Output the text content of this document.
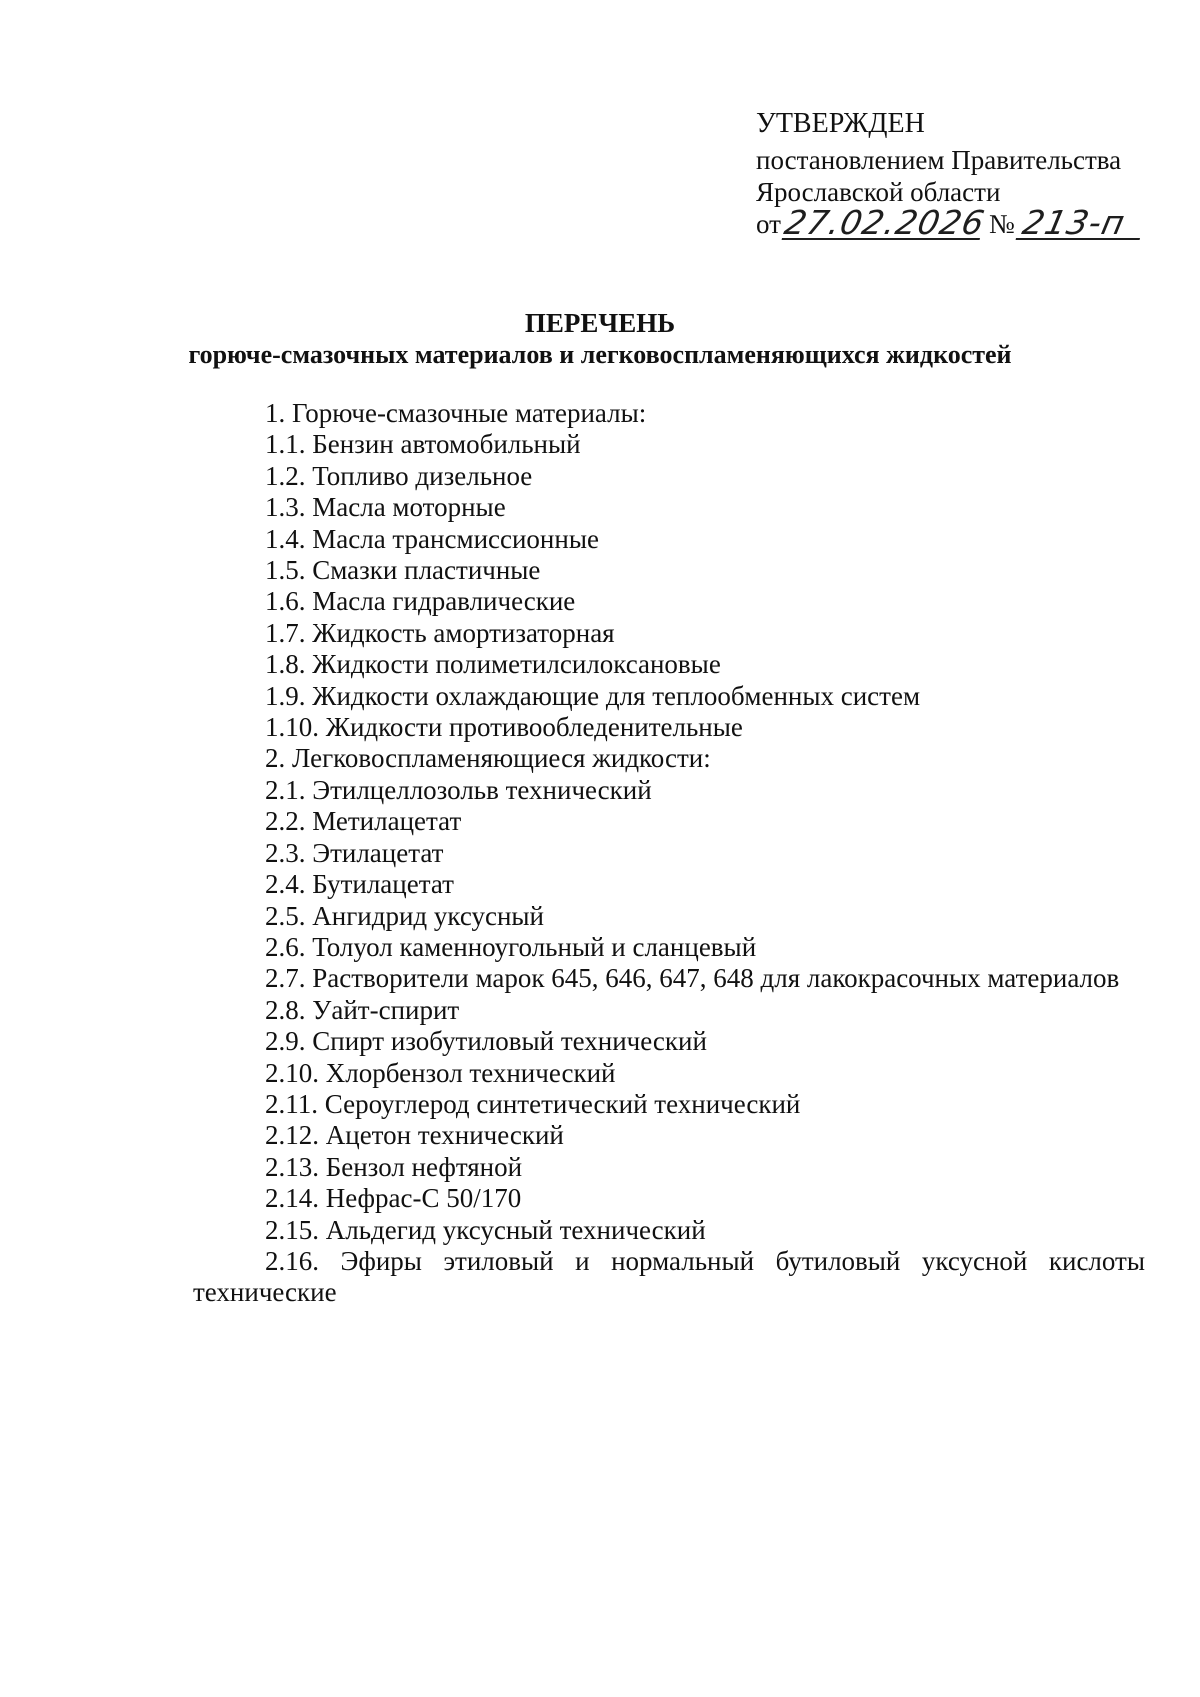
УТВЕРЖДЕН
постановлением Правительства
Ярославской области
от 27.02.2026 № 213-п
ПЕРЕЧЕНЬ
горюче-смазочных материалов и легковоспламеняющихся жидкостей

1. Горюче-смазочные материалы:

1.1. Бензин автомобильный

1.2. Топливо дизельное

1.3. Масла моторные

1.4. Масла трансмиссионные

1.5. Смазки пластичные

1.6. Масла гидравлические

1.7. Жидкость амортизаторная

1.8. Жидкости полиметилсилоксановые

1.9. Жидкости охлаждающие для теплообменных систем

1.10. Жидкости противообледенительные

2. Легковоспламеняющиеся жидкости:

2.1. Этилцеллозольв технический

2.2. Метилацетат

2.3. Этилацетат

2.4. Бутилацетат

2.5. Ангидрид уксусный

2.6. Толуол каменноугольный и сланцевый

2.7. Растворители марок 645, 646, 647, 648 для лакокрасочных материалов

2.8. Уайт-спирит

2.9. Спирт изобутиловый технический

2.10. Хлорбензол технический

2.11. Сероуглерод синтетический технический

2.12. Ацетон технический

2.13. Бензол нефтяной

2.14. Нефрас-С 50/170

2.15. Альдегид уксусный технический

2.16. Эфиры этиловый и нормальный бутиловый уксусной кислоты технические
